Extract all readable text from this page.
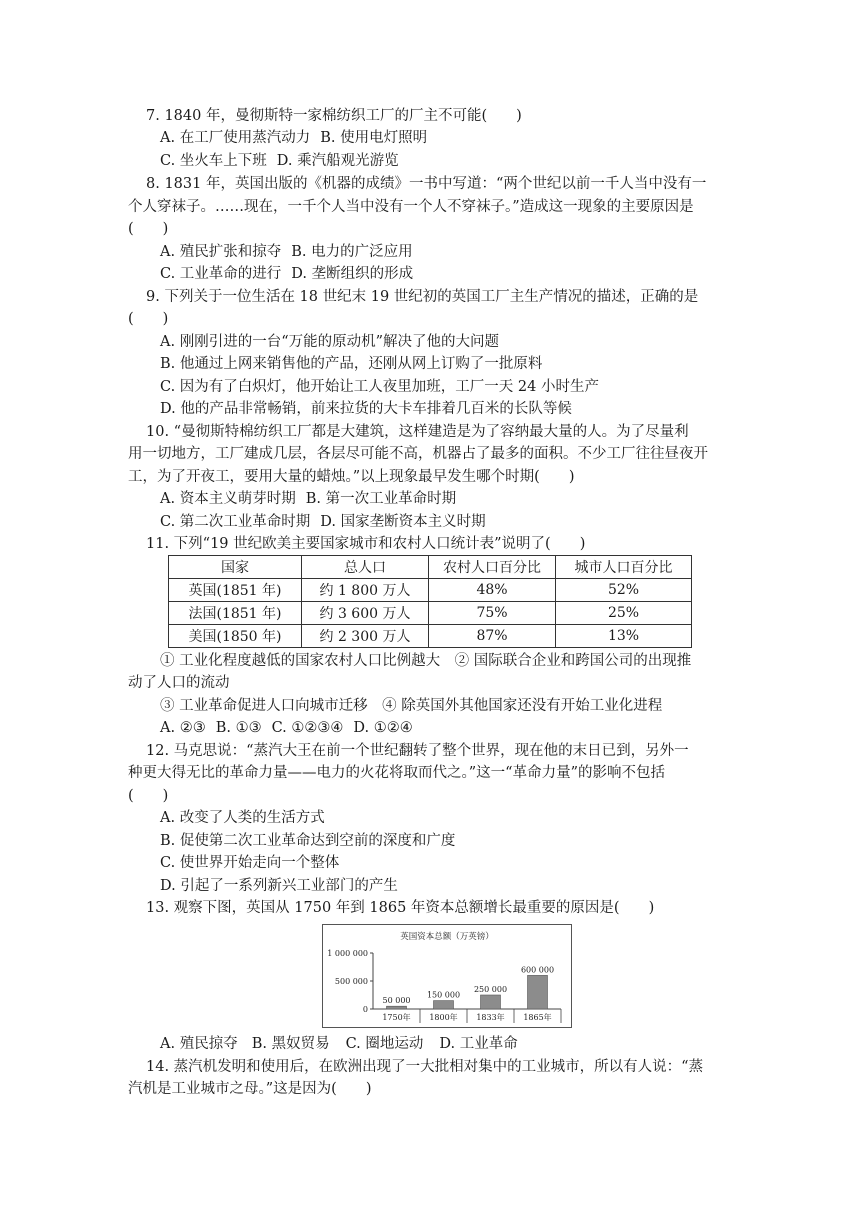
7. 1840 年，曼彻斯特一家棉纺织工厂的厂主不可能(　　)
A. 在工厂使用蒸汽动力 B. 使用电灯照明
C. 坐火车上下班 D. 乘汽船观光游览
8. 1831 年，英国出版的《机器的成绩》一书中写道：“两个世纪以前一千人当中没有一
个人穿袜子。……现在，一千个人当中没有一个人不穿袜子。”造成这一现象的主要原因是
(　　)
A. 殖民扩张和掠夺 B. 电力的广泛应用
C. 工业革命的进行 D. 垄断组织的形成
9. 下列关于一位生活在 18 世纪末 19 世纪初的英国工厂主生产情况的描述，正确的是
(　　)
A. 刚刚引进的一台“万能的原动机”解决了他的大问题
B. 他通过上网来销售他的产品，还刚从网上订购了一批原料
C. 因为有了白炽灯，他开始让工人夜里加班，工厂一天 24 小时生产
D. 他的产品非常畅销，前来拉货的大卡车排着几百米的长队等候
10. “曼彻斯特棉纺织工厂都是大建筑，这样建造是为了容纳最大量的人。为了尽量利
用一切地方，工厂建成几层，各层尽可能不高，机器占了最多的面积。不少工厂往往昼夜开
工，为了开夜工，要用大量的蜡烛。”以上现象最早发生哪个时期(　　)
A. 资本主义萌芽时期 B. 第一次工业革命时期
C. 第二次工业革命时期 D. 国家垄断资本主义时期
11. 下列“19 世纪欧美主要国家城市和农村人口统计表”说明了(　　)
国家	总人口	农村人口百分比	城市人口百分比
英国(1851 年)	约 1 800 万人	48%	52%
法国(1851 年)	约 3 600 万人	75%	25%
美国(1850 年)	约 2 300 万人	87%	13%
① 工业化程度越低的国家农村人口比例越大　② 国际联合企业和跨国公司的出现推
动了人口的流动
③ 工业革命促进人口向城市迁移　④ 除英国外其他国家还没有开始工业化进程
A. ②③ B. ①③ C. ①②③④ D. ①②④
12. 马克思说：“蒸汽大王在前一个世纪翻转了整个世界，现在他的末日已到，另外一
种更大得无比的革命力量——电力的火花将取而代之。”这一“革命力量”的影响不包括
(　　)
A. 改变了人类的生活方式
B. 促使第二次工业革命达到空前的深度和广度
C. 使世界开始走向一个整体
D. 引起了一系列新兴工业部门的产生
13. 观察下图，英国从 1750 年到 1865 年资本总额增长最重要的原因是(　　)
英国资本总额（万英镑）
0
500 000
1 000 000
50 000
1750年
150 000
1800年
250 000
1833年
600 000
1865年
A. 殖民掠夺 B. 黑奴贸易 C. 圈地运动 D. 工业革命
14. 蒸汽机发明和使用后，在欧洲出现了一大批相对集中的工业城市，所以有人说：“蒸
汽机是工业城市之母。”这是因为(　　)
